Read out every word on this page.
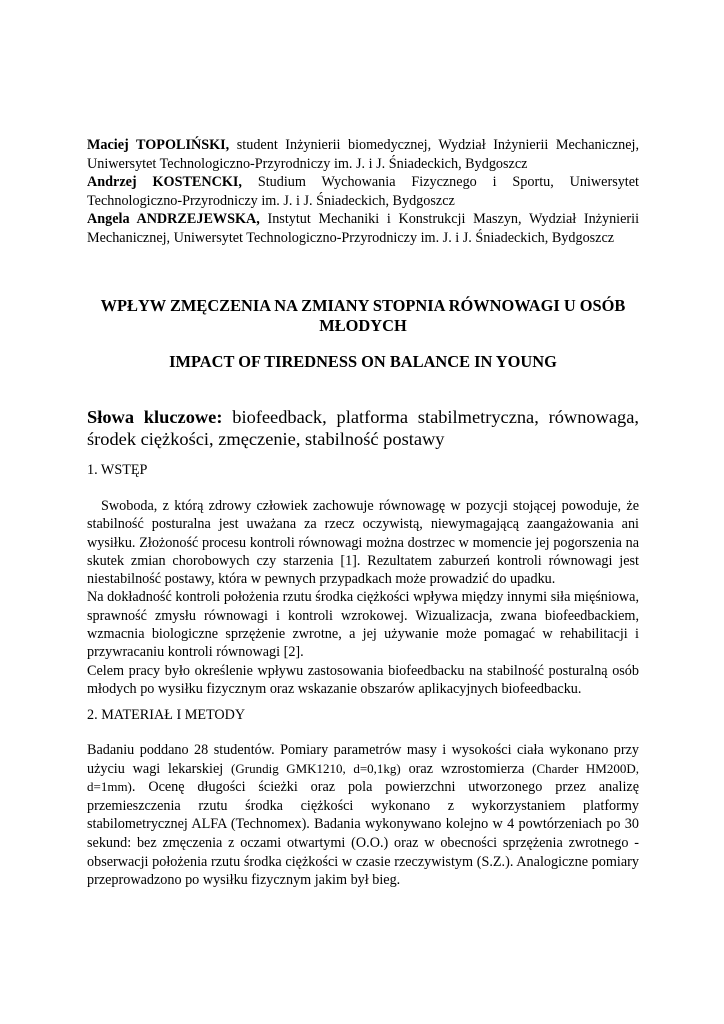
Maciej TOPOLIŃSKI, student Inżynierii biomedycznej, Wydział Inżynierii Mechanicznej, Uniwersytet Technologiczno-Przyrodniczy im. J. i J. Śniadeckich, Bydgoszcz

Andrzej KOSTENCKI, Studium Wychowania Fizycznego i Sportu, Uniwersytet Technologiczno-Przyrodniczy im. J. i J. Śniadeckich, Bydgoszcz

Angela ANDRZEJEWSKA, Instytut Mechaniki i Konstrukcji Maszyn, Wydział Inżynierii Mechanicznej, Uniwersytet Technologiczno-Przyrodniczy im. J. i J. Śniadeckich, Bydgoszcz

WPŁYW ZMĘCZENIA NA ZMIANY STOPNIA RÓWNOWAGI U OSÓB MŁODYCH
IMPACT OF TIREDNESS ON BALANCE IN YOUNG
Słowa kluczowe: biofeedback, platforma stabilmetryczna, równowaga, środek ciężkości, zmęczenie, stabilność postawy
1. WSTĘP

Swoboda, z którą zdrowy człowiek zachowuje równowagę w pozycji stojącej powoduje, że stabilność posturalna jest uważana za rzecz oczywistą, niewymagającą zaangażowania ani wysiłku. Złożoność procesu kontroli równowagi można dostrzec w momencie jej pogorszenia na skutek zmian chorobowych czy starzenia [1]. Rezultatem zaburzeń kontroli równowagi jest niestabilność postawy, która w pewnych przypadkach może prowadzić do upadku.

Na dokładność kontroli położenia rzutu środka ciężkości wpływa między innymi siła mięśniowa, sprawność zmysłu równowagi i kontroli wzrokowej. Wizualizacja, zwana biofeedbackiem, wzmacnia biologiczne sprzężenie zwrotne, a jej używanie może pomagać w rehabilitacji i przywracaniu kontroli równowagi [2].

Celem pracy było określenie wpływu zastosowania biofeedbacku na stabilność posturalną osób młodych po wysiłku fizycznym oraz wskazanie obszarów aplikacyjnych biofeedbacku.

2. MATERIAŁ I METODY

Badaniu poddano 28 studentów. Pomiary parametrów masy i wysokości ciała wykonano przy użyciu wagi lekarskiej (Grundig GMK1210, d=0,1kg) oraz wzrostomierza (Charder HM200D, d=1mm). Ocenę długości ścieżki oraz pola powierzchni utworzonego przez analizę przemieszczenia rzutu środka ciężkości wykonano z wykorzystaniem platformy stabilometrycznej ALFA (Technomex). Badania wykonywano kolejno w 4 powtórzeniach po 30 sekund: bez zmęczenia z oczami otwartymi (O.O.) oraz w obecności sprzężenia zwrotnego - obserwacji położenia rzutu środka ciężkości w czasie rzeczywistym (S.Z.). Analogiczne pomiary przeprowadzono po wysiłku fizycznym jakim był bieg.
